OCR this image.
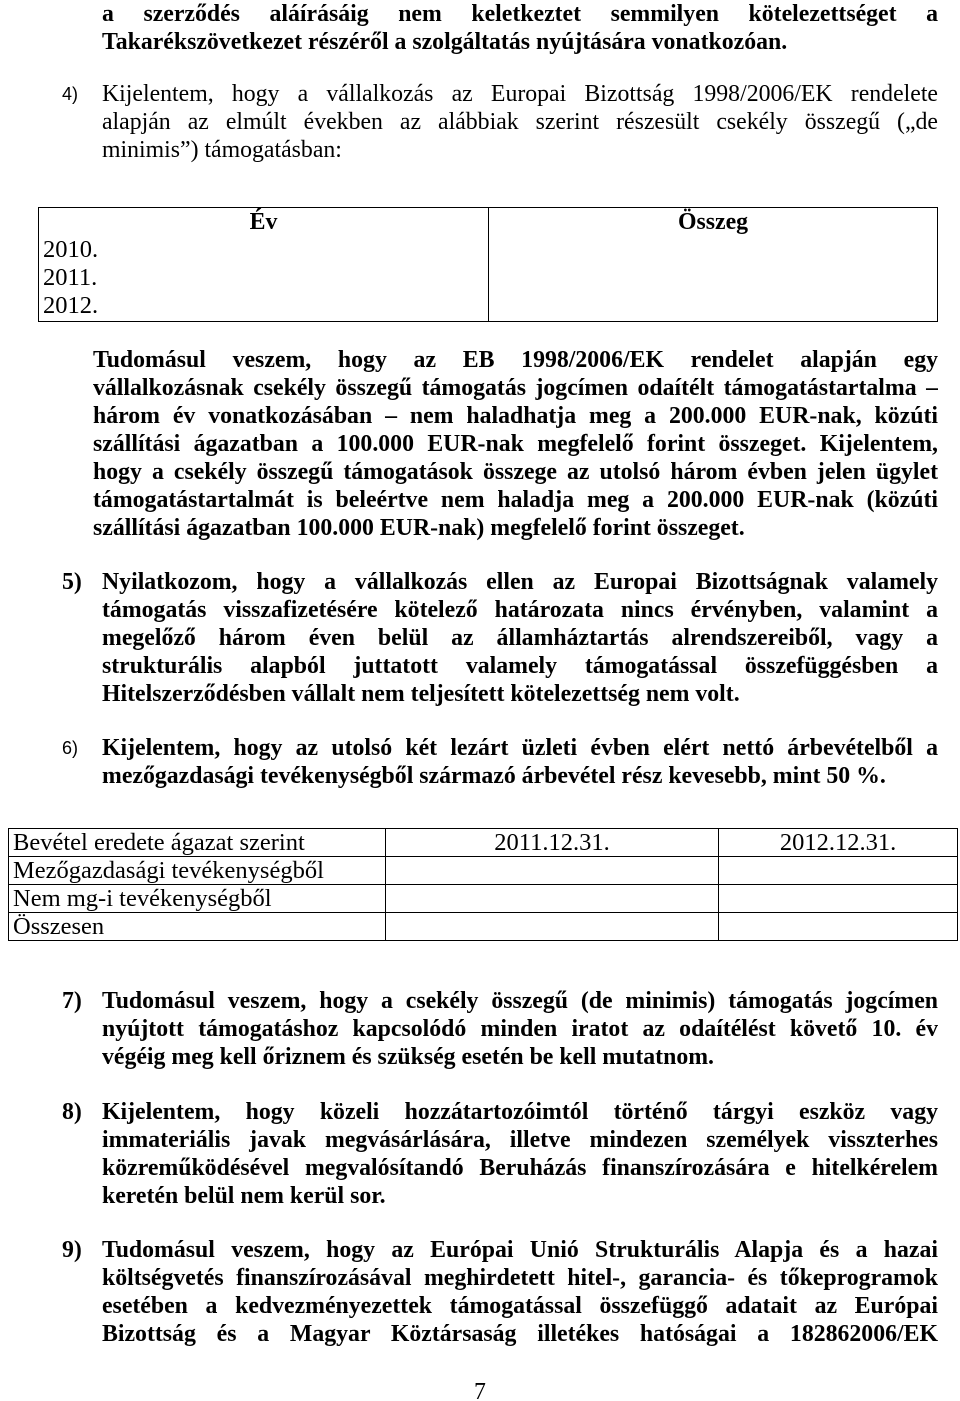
a szerződés aláírásáig nem keletkeztet semmilyen kötelezettséget a
Takarékszövetkezet részéről a szolgáltatás nyújtására vonatkozóan.
4) Kijelentem, hogy a vállalkozás az Europai Bizottság 1998/2006/EK rendelete
alapján az elmúlt években az alábbiak szerint részesült csekély összegű („de
minimis”) támogatásban:
Év
2010.
2011.
2012.
Összeg
Tudomásul veszem, hogy az EB 1998/2006/EK rendelet alapján egy
vállalkozásnak csekély összegű támogatás jogcímen odaítélt támogatástartalma –
három év vonatkozásában – nem haladhatja meg a 200.000 EUR-nak, közúti
szállítási ágazatban a 100.000 EUR-nak megfelelő forint összeget. Kijelentem,
hogy a csekély összegű támogatások összege az utolsó három évben jelen ügylet
támogatástartalmát is beleértve nem haladja meg a 200.000 EUR-nak (közúti
szállítási ágazatban 100.000 EUR-nak) megfelelő forint összeget.
5) Nyilatkozom, hogy a vállalkozás ellen az Europai Bizottságnak valamely
támogatás visszafizetésére kötelező határozata nincs érvényben, valamint a
megelőző három éven belül az államháztartás alrendszereiből, vagy a
strukturális alapból juttatott valamely támogatással összefüggésben a
Hitelszerződésben vállalt nem teljesített kötelezettség nem volt.
6) Kijelentem, hogy az utolsó két lezárt üzleti évben elért nettó árbevételből a
mezőgazdasági tevékenységből származó árbevétel rész kevesebb, mint 50 %.
Bevétel eredete ágazat szerint	2011.12.31.	2012.12.31.
Mezőgazdasági tevékenységből
Nem mg-i tevékenységből
Összesen
7) Tudomásul veszem, hogy a csekély összegű (de minimis) támogatás jogcímen
nyújtott támogatáshoz kapcsolódó minden iratot az odaítélést követő 10. év
végéig meg kell őriznem és szükség esetén be kell mutatnom.
8) Kijelentem, hogy közeli hozzátartozóimtól történő tárgyi eszköz vagy
immateriális javak megvásárlására, illetve mindezen személyek visszterhes
közreműködésével megvalósítandó Beruházás finanszírozására e hitelkérelem
keretén belül nem kerül sor.
9) Tudomásul veszem, hogy az Európai Unió Strukturális Alapja és a hazai
költségvetés finanszírozásával meghirdetett hitel-, garancia- és tőkeprogramok
esetében a kedvezményezettek támogatással összefüggő adatait az Európai
Bizottság és a Magyar Köztársaság illetékes hatóságai a 182862006/EK
7
